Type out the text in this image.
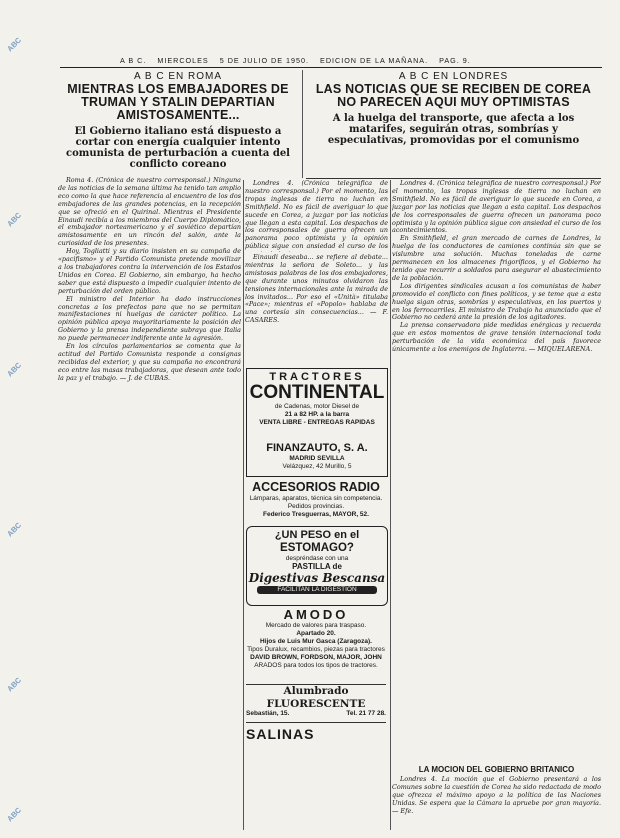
A B C. MIERCOLES 5 DE JULIO DE 1950. EDICION DE LA MAÑANA. PAG. 9.
A B C EN ROMA
MIENTRAS LOS EMBAJADORES DE TRUMAN Y STALIN DEPARTIAN AMISTOSAMENTE...
El Gobierno italiano está dispuesto a cortar con energía cualquier intento comunista de perturbación a cuenta del conflicto coreano

Roma 4. (Crónica de nuestro corresponsal.) Ninguna de las noticias de la semana última ha tenido tan amplio eco como la que hace referencia al encuentro de los dos embajadores de las grandes potencias, en la recepción que se ofreció en el Quirinal. Mientras el Presidente Einaudi recibía a los miembros del Cuerpo Diplomático, el embajador norteamericano y el soviético departían amistosamente en un rincón del salón, ante la curiosidad de los presentes.

Hoy, Togliatti y su diario insisten en su campaña de «pacifismo» y el Partido Comunista pretende movilizar a los trabajadores contra la intervención de los Estados Unidos en Corea. El Gobierno, sin embargo, ha hecho saber que está dispuesto a impedir cualquier intento de perturbación del orden público.

El ministro del Interior ha dado instrucciones concretas a los prefectos para que no se permitan manifestaciones ni huelgas de carácter político. La opinión pública apoya mayoritariamente la posición del Gobierno y la prensa independiente subraya que Italia no puede permanecer indiferente ante la agresión.

En los círculos parlamentarios se comenta que la actitud del Partido Comunista responde a consignas recibidas del exterior, y que su campaña no encontrará eco entre las masas trabajadoras, que desean ante todo la paz y el trabajo. — J. de CUBAS.

Einaudi deseaba... se refiere al debate... mientras la señora de Soleto... y las amistosas palabras de los dos embajadores, que durante unos minutos olvidaron las tensiones internacionales ante la mirada de los invitados... Por eso el «Unità» titulaba «Pace»; mientras el «Popolo» hablaba de una cortesía sin consecuencias... — F. CASARES.

A B C EN LONDRES
LAS NOTICIAS QUE SE RECIBEN DE COREA NO PARECEN AQUI MUY OPTIMISTAS
A la huelga del transporte, que afecta a los matarifes, seguirán otras, sombrías y especulativas, promovidas por el comunismo

Londres 4. (Crónica telegráfica de nuestro corresponsal.) Por el momento, las tropas inglesas de tierra no luchan en Smithfield. No es fácil de averiguar lo que sucede en Corea, a juzgar por las noticias que llegan a esta capital. Los despachos de los corresponsales de guerra ofrecen un panorama poco optimista y la opinión pública sigue con ansiedad el curso de los acontecimientos.

En Smithfield, el gran mercado de carnes de Londres, la huelga de los conductores de camiones continúa sin que se vislumbre una solución. Muchas toneladas de carne permanecen en los almacenes frigoríficos, y el Gobierno ha tenido que recurrir a soldados para asegurar el abastecimiento de la población.

Los dirigentes sindicales acusan a los comunistas de haber promovido el conflicto con fines políticos, y se teme que a esta huelga sigan otras, sombrías y especulativas, en los puertos y en los ferrocarriles. El ministro de Trabajo ha anunciado que el Gobierno no cederá ante la presión de los agitadores.

La prensa conservadora pide medidas enérgicas y recuerda que en estos momentos de grave tensión internacional toda perturbación de la vida económica del país favorece únicamente a los enemigos de Inglaterra. — MIQUELARENA.

LA MOCION DEL GOBIERNO BRITANICO

Londres 4. La moción que el Gobierno presentará a los Comunes sobre la cuestión de Corea ha sido redactada de modo que ofrezca el máximo apoyo a la política de las Naciones Unidas. Se espera que la Cámara la apruebe por gran mayoría. — Efe.

Londres 4. (Crónica telegráfica de nuestro corresponsal.) Por el momento, las tropas inglesas de tierra no luchan en Smithfield. No es fácil de averiguar lo que sucede en Corea, a juzgar por las noticias que llegan a esta capital. Los despachos de los corresponsales de guerra ofrecen un panorama poco optimista y la opinión pública sigue con ansiedad el curso de los

TRACTORES
CONTINENTAL
de Cadenas, motor Diesel de
21 a 82 HP. a la barra
VENTA LIBRE - ENTREGAS RAPIDAS
FINANZAUTO, S. A.
MADRID SEVILLA
Velázquez, 42 Murillo, 5
ACCESORIOS RADIO
Lámparas, aparatos, técnica sin competencia.
Pedidos provincias.
Federico Tresguerras, MAYOR, 52.
¿UN PESO en el
ESTOMAGO?
despréndase con una
PASTILLA de
Digestivas Bescansa
FACILITAN LA DIGESTION
AMODO
Mercado de valores para traspaso.
Apartado 20.
Hijos de Luis Mur Gasca (Zaragoza).
Tipos Duralux, recambios, piezas para tractores
DAVID BROWN, FORDSON, MAJOR, JOHN
ARADOS para todos los tipos de tractores.
Alumbrado FLUORESCENTE
Sebastián, 15.	Tel. 21 77 28.
SALINAS
ABC
ABC
ABC
ABC
ABC
ABC
